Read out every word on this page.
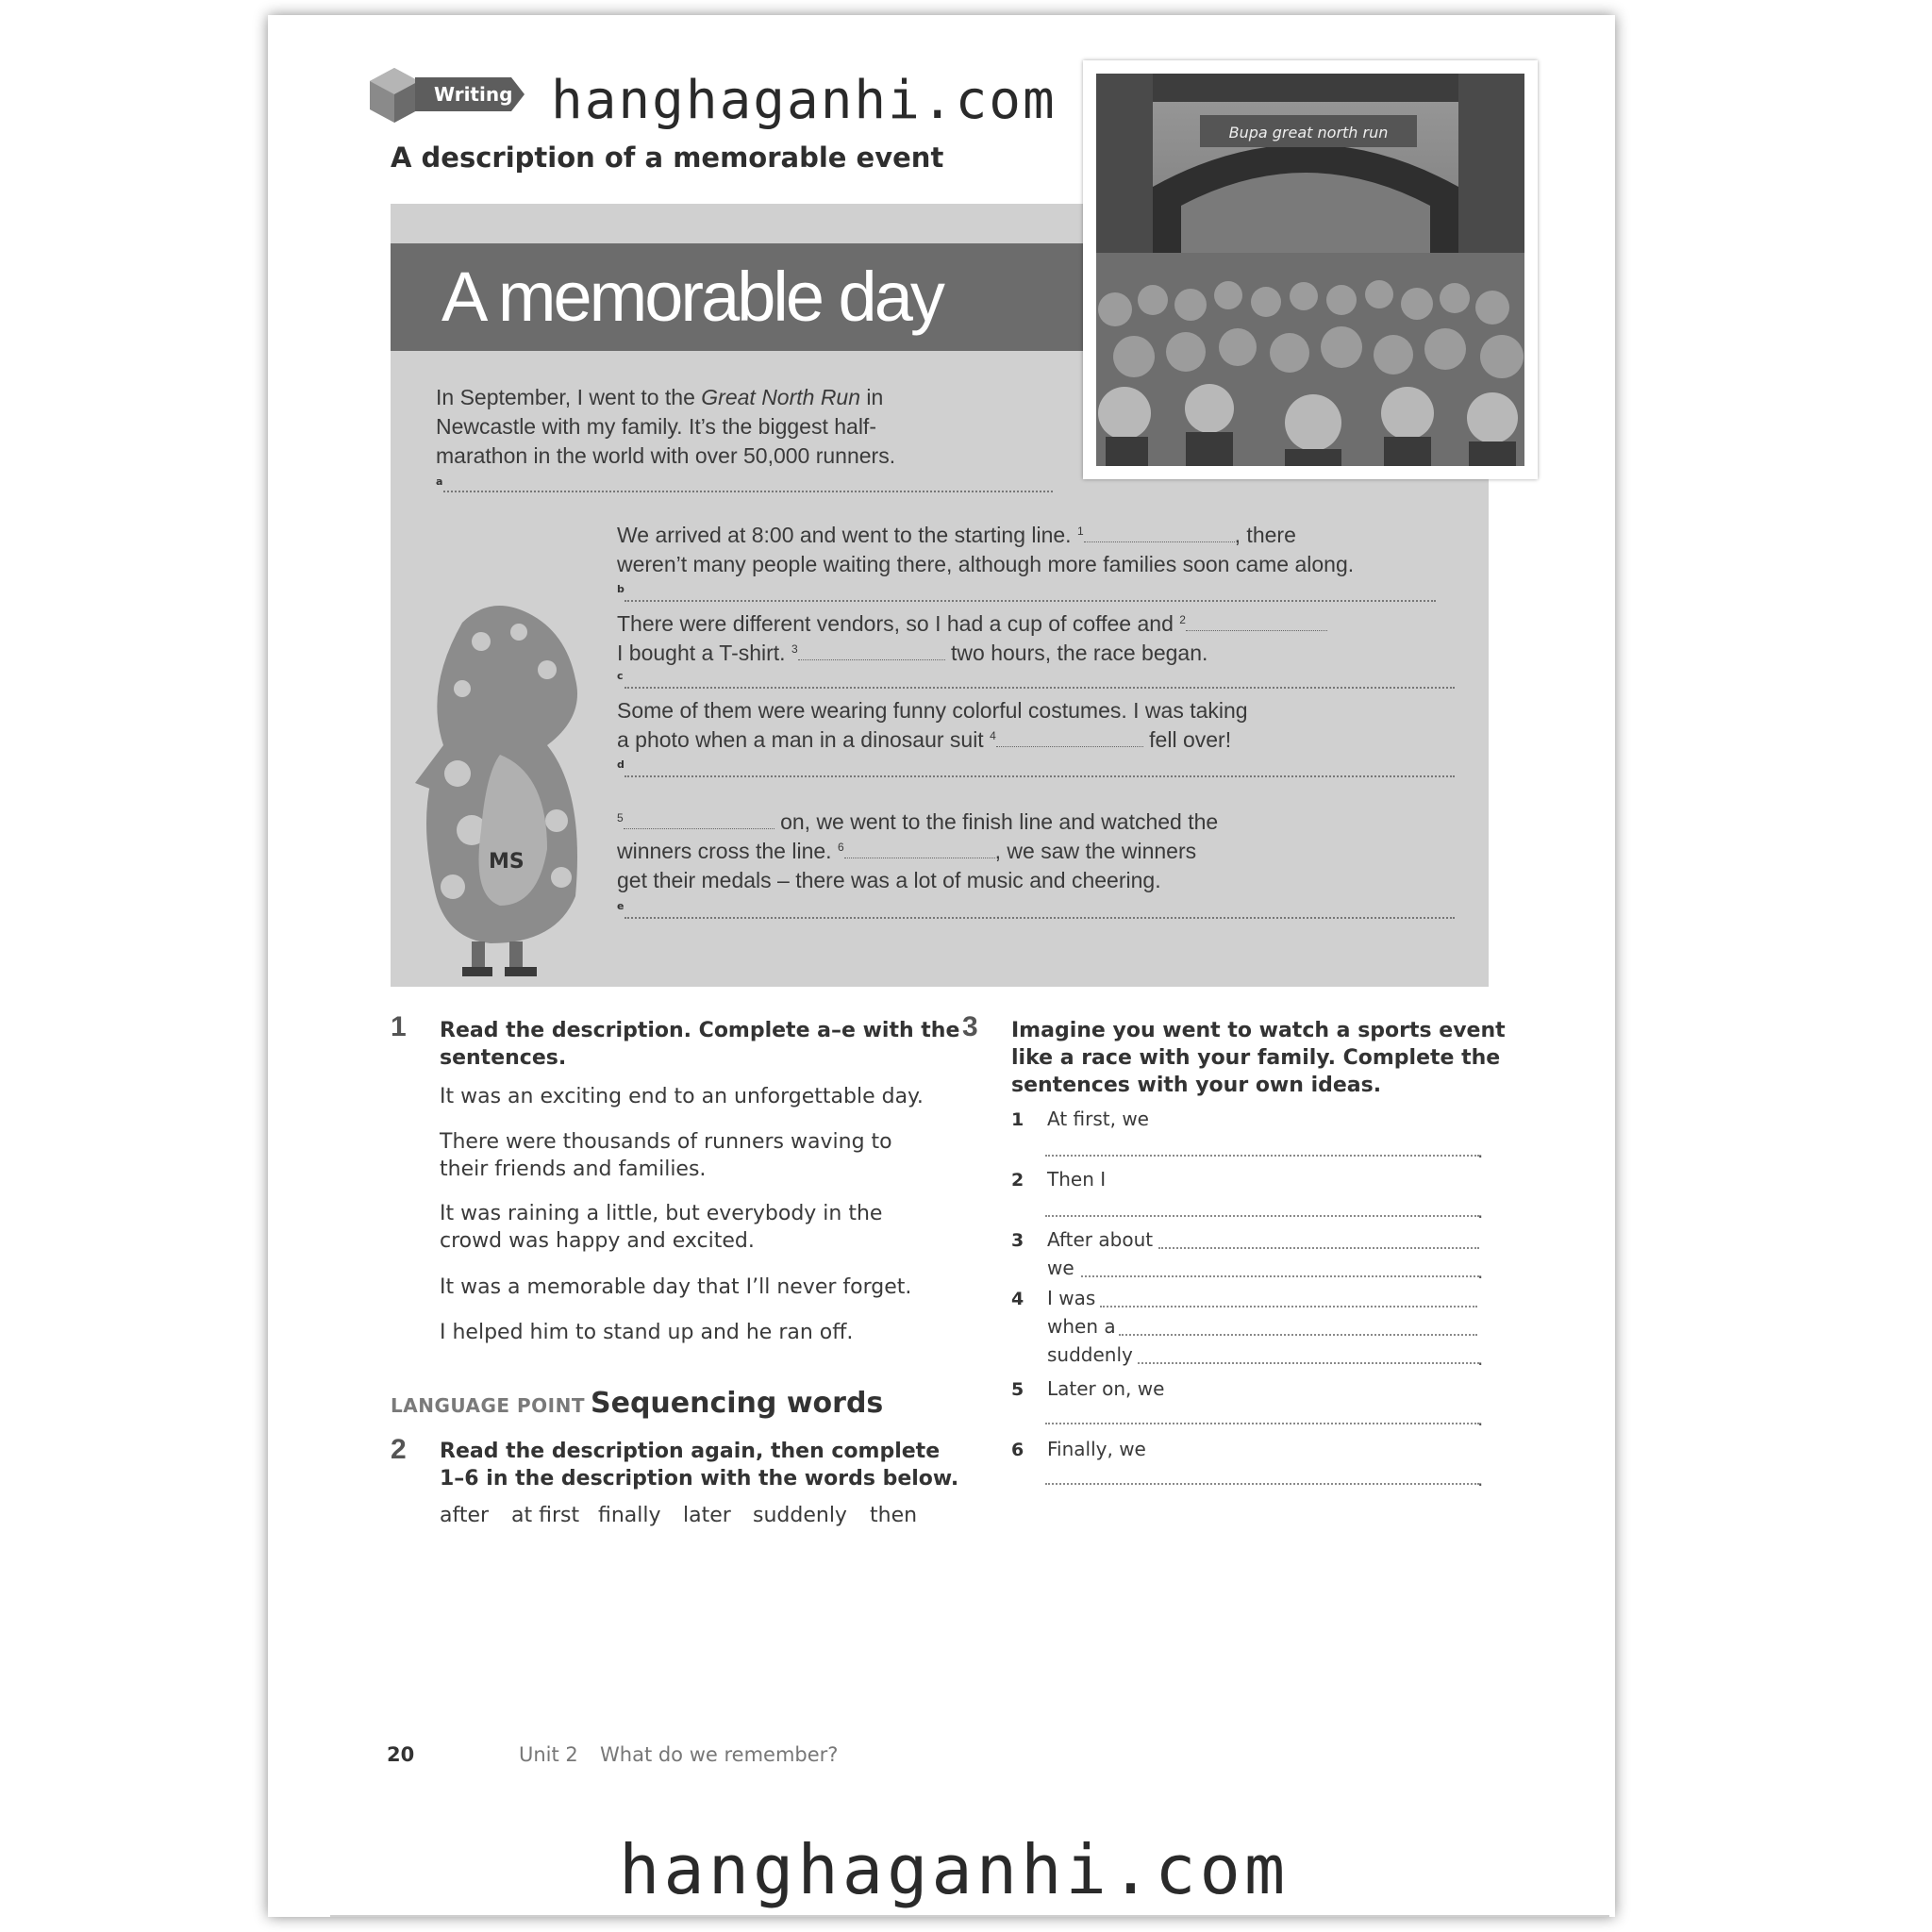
Writing hanghaganhi.com
A description of a memorable event
A memorable day
Bupa great north run
In September, I went to the Great North Run in
Newcastle with my family. It’s the biggest half-
marathon in the world with over 50,000 runners.
a
We arrived at 8:00 and went to the starting line. $^1$	, there
weren’t many people waiting there, although more families soon came along.
b
There were different vendors, so I had a cup of coffee and $^2$
I bought a T-shirt. $^3$	two hours, the race began.
c
Some of them were wearing funny colorful costumes. I was taking
a photo when a man in a dinosaur suit $^4$	fell over!
d
$^5$	on, we went to the finish line and watched the
winners cross the line. $^6$	, we saw the winners
get their medals – there was a lot of music and cheering.
e
MS
1 Read the description. Complete a–e with the
sentences.
It was an exciting end to an unforgettable day.
There were thousands of runners waving to
their friends and families.
It was raining a little, but everybody in the
crowd was happy and excited.
It was a memorable day that I’ll never forget.
I helped him to stand up and he ran off.
LANGUAGE POINT Sequencing words
2 Read the description again, then complete
1–6 in the description with the words below.
after at first finally later suddenly then
3 Imagine you went to watch a sports event
like a race with your family. Complete the
sentences with your own ideas.
1 At first, we
.
2 Then I
.
3 After about
we	.
4 I was
when a
suddenly	.
5 Later on, we
.
6 Finally, we
.
20	Unit 2 What do we remember?
hanghaganhi.com
